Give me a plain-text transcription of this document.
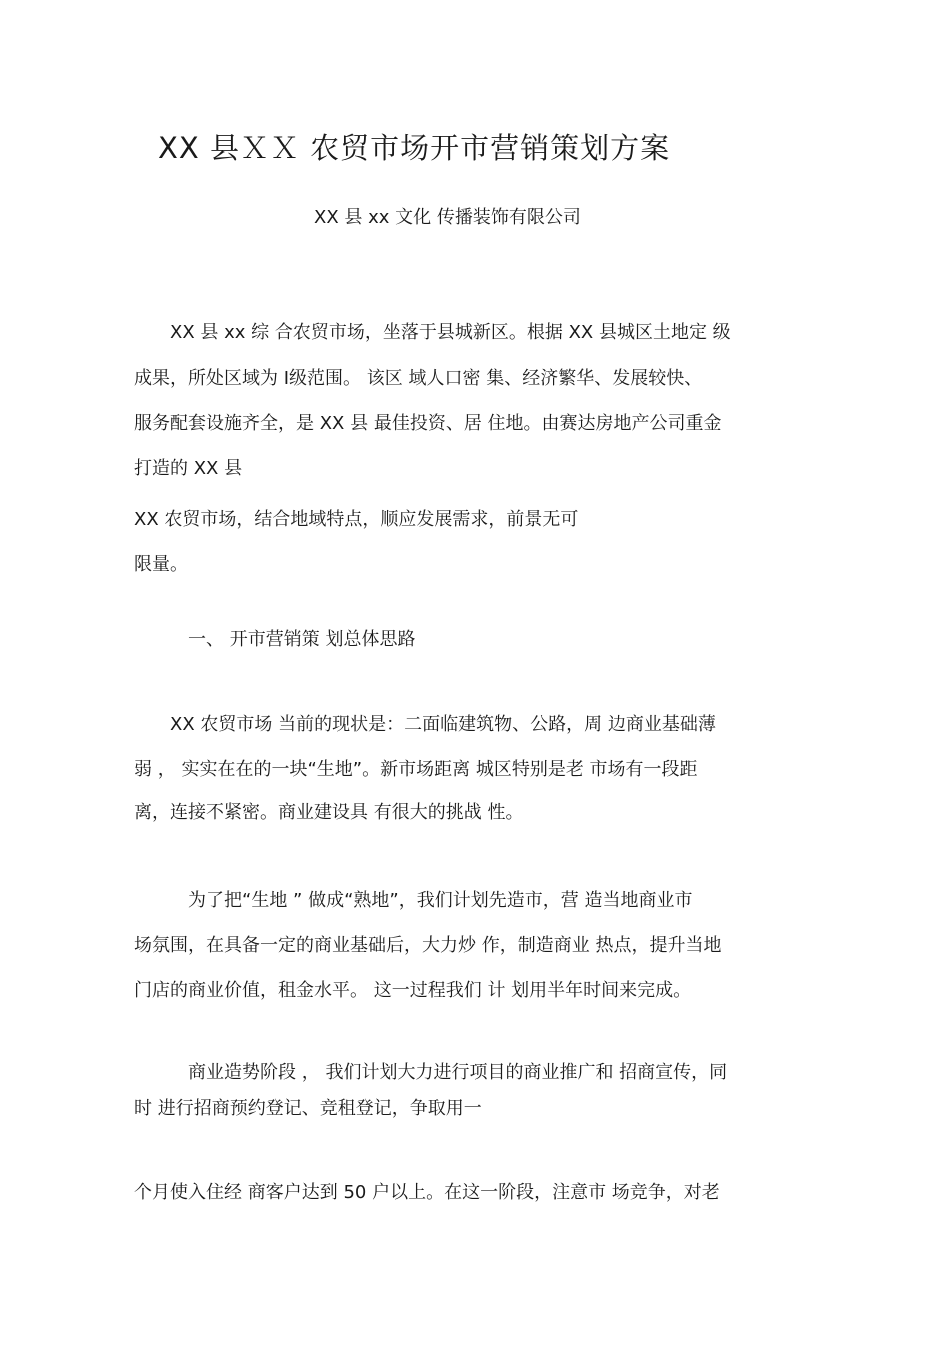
XX 县ＸＸ 农贸市场开市营销策划方案
XX 县 xx 文化 传播装饰有限公司
XX 县 xx 综 合农贸市场，坐落于县城新区。根据 XX 县城区土地定 级
成果，所处区域为 Ⅰ级范围。 该区 域人口密 集、经济繁华、发展较快、
服务配套设施齐全，是 XX 县 最佳投资、居 住地。由赛达房地产公司重金
打造的 XX 县
XX 农贸市场，结合地域特点，顺应发展需求，前景无可
限量。
一、 开市营销策 划总体思路
XX 农贸市场 当前的现状是：二面临建筑物、公路，周 边商业基础薄
弱 ， 实实在在的一块“生地”。新市场距离 城区特别是老 市场有一段距
离，连接不紧密。商业建设具 有很大的挑战 性。
为了把“生地 ” 做成“熟地”，我们计划先造市，营 造当地商业市
场氛围，在具备一定的商业基础后，大力炒 作，制造商业 热点，提升当地
门店的商业价值，租金水平。 这一过程我们 计 划用半年时间来完成。
商业造势阶段 ， 我们计划大力进行项目的商业推广和 招商宣传，同
时 进行招商预约登记、竞租登记，争取用一
个月使入住经 商客户达到 50 户以上。在这一阶段，注意市 场竞争，对老
